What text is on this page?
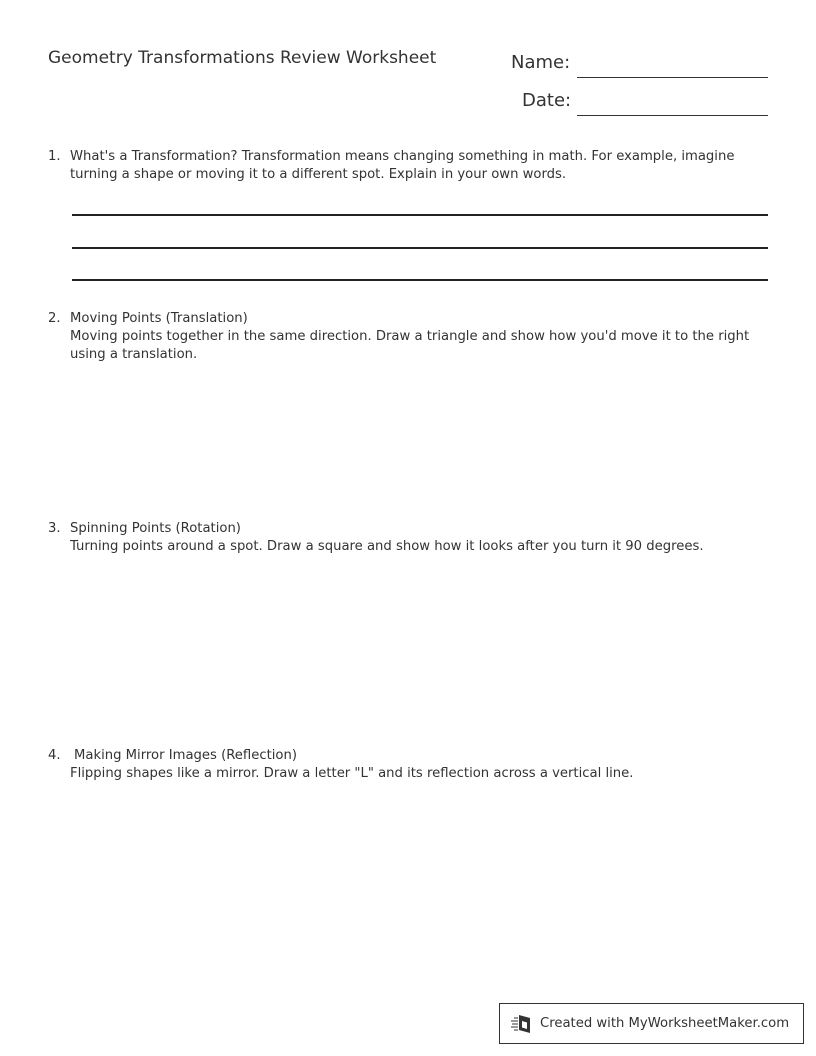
Geometry Transformations Review Worksheet	Name:
Date:
1. What's a Transformation? Transformation means changing something in math. For example, imagine
turning a shape or moving it to a different spot. Explain in your own words.
2. Moving Points (Translation)
Moving points together in the same direction. Draw a triangle and show how you'd move it to the right
using a translation.
3. Spinning Points (Rotation)
Turning points around a spot. Draw a square and show how it looks after you turn it 90 degrees.
4.	Making Mirror Images (Reflection)
Flipping shapes like a mirror. Draw a letter "L" and its reflection across a vertical line.
Created with MyWorksheetMaker.com
